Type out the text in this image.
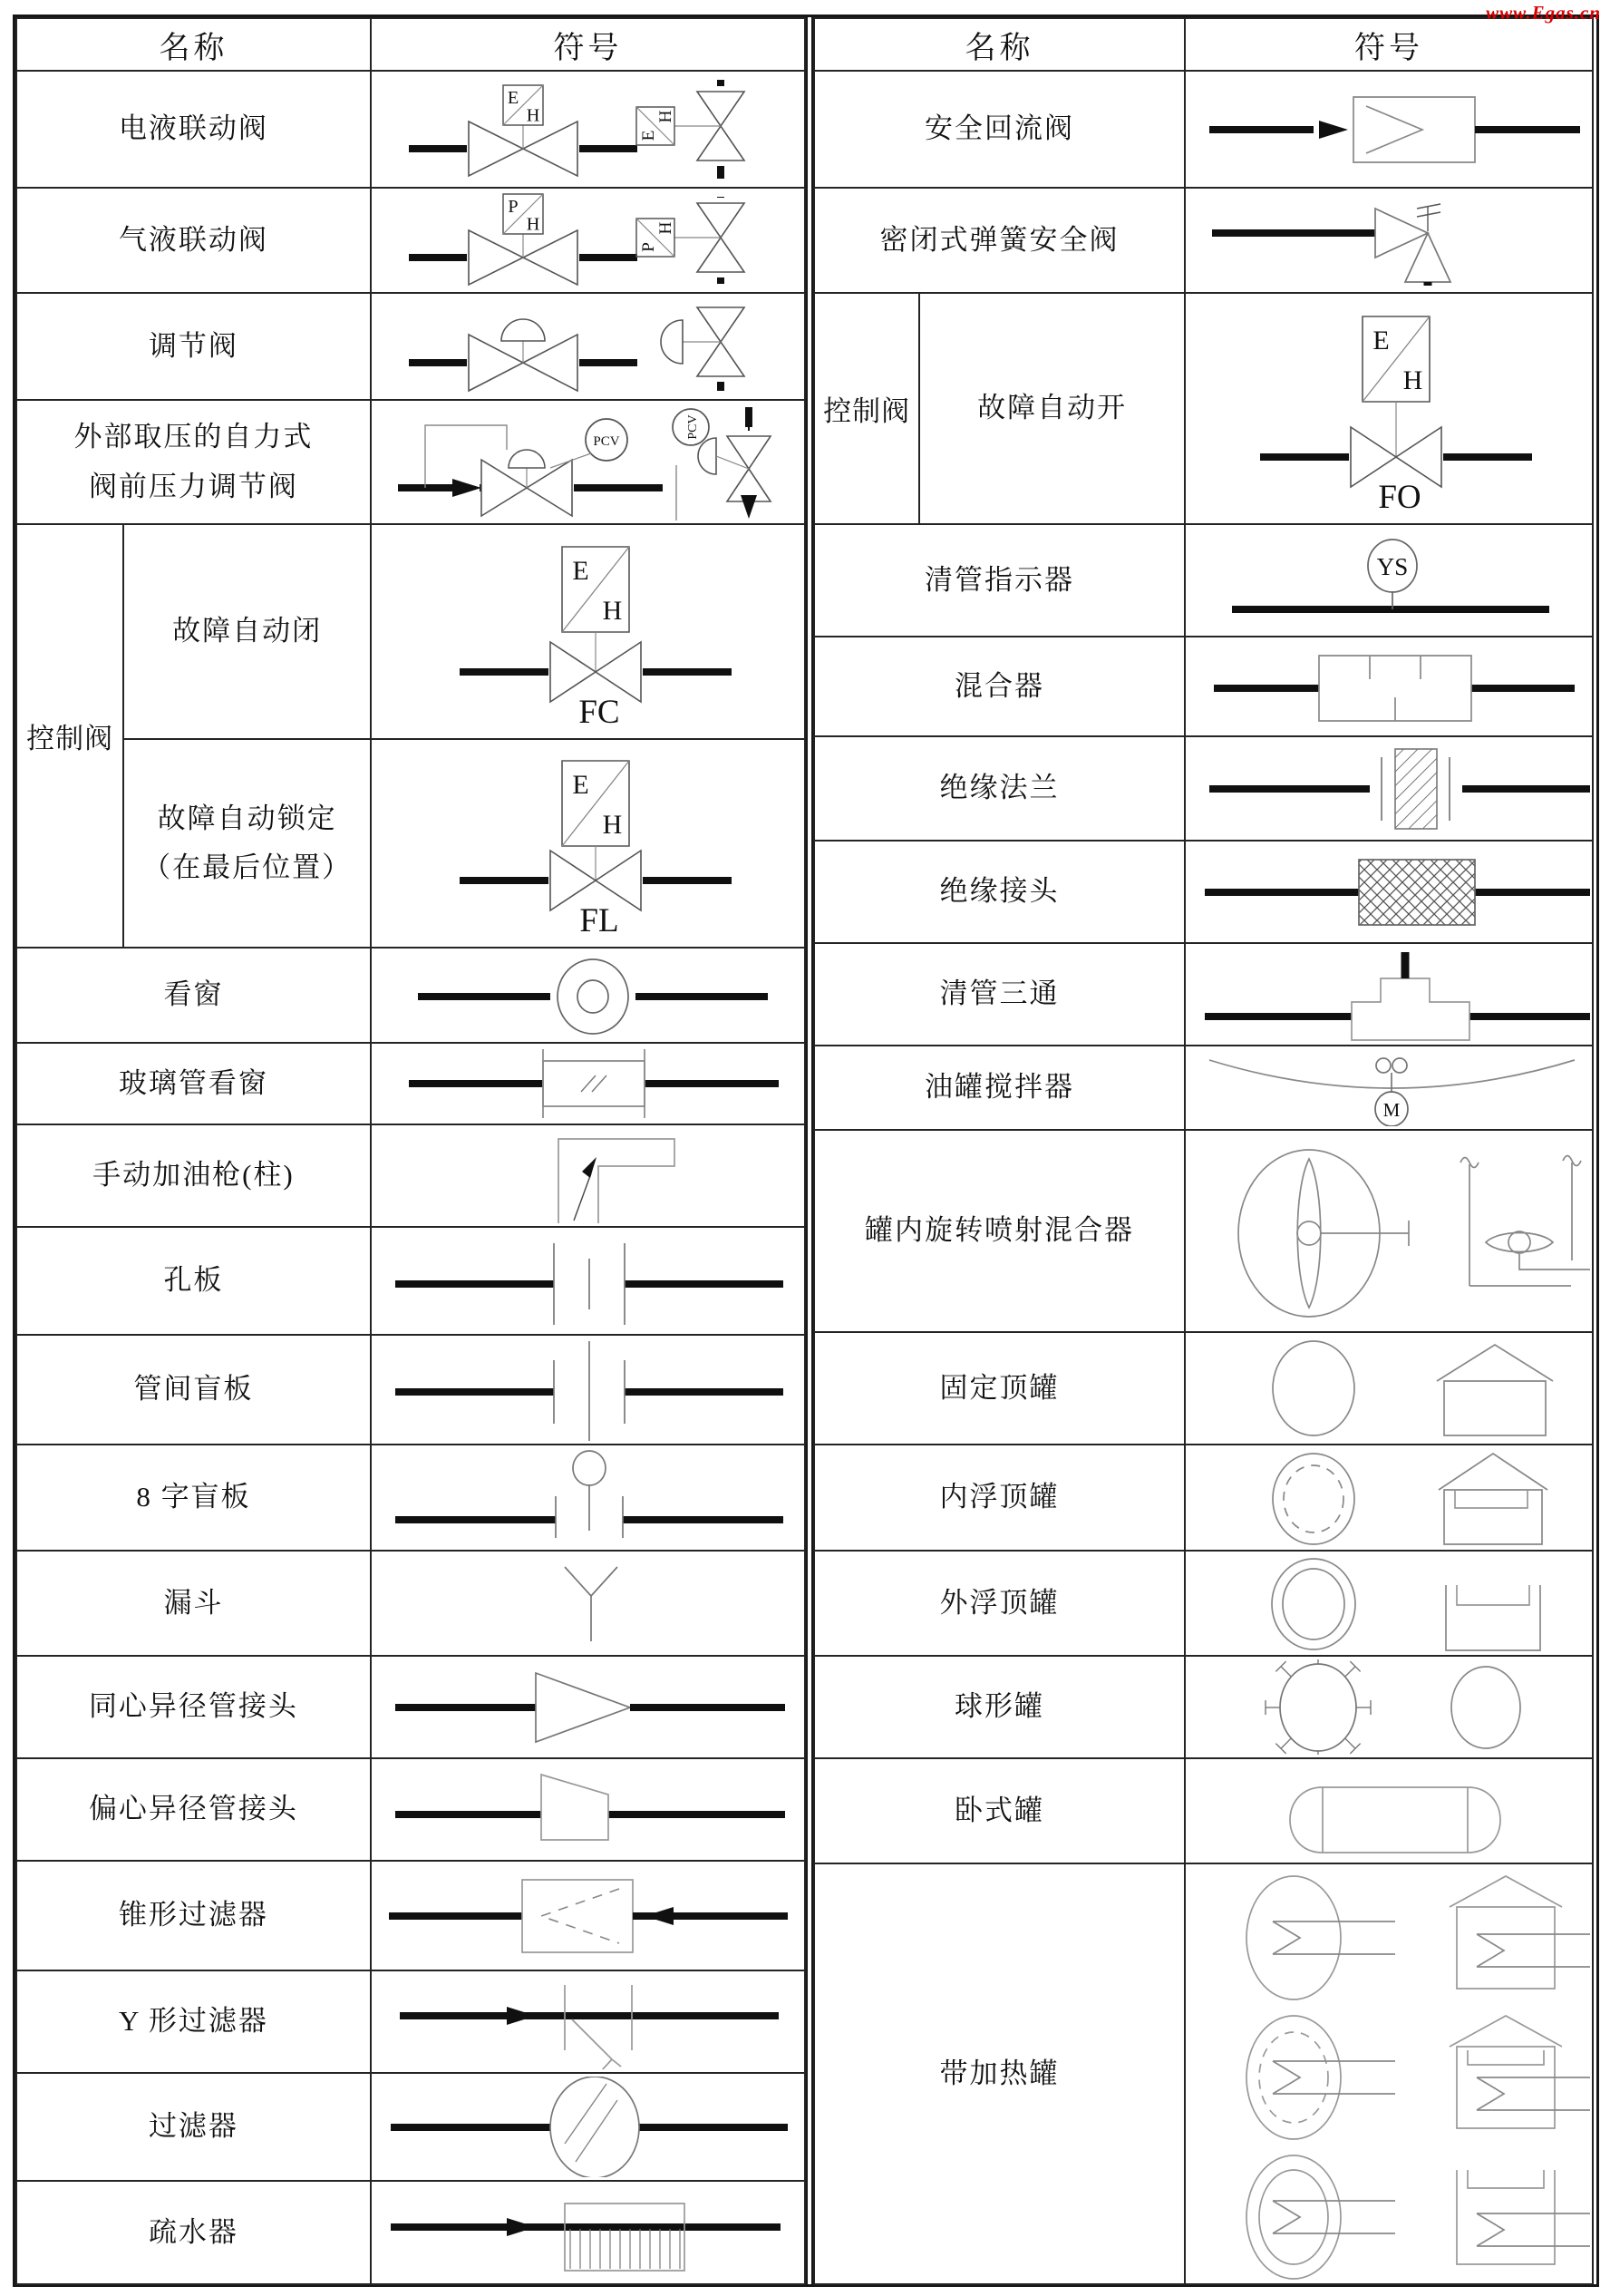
www.Egas.cn
名称		符号

电液联动阀		E
H
E
H

气液联动阀		P
H
P
H

调节阀

外部取压的自力式
阀前压力调节阀

PCV
PCV

控制阀	故障自动闭	E
H
FC

故障自动锁定
（在最后位置）

E
H
FL

看窗

玻璃管看窗

手动加油枪(柱)

孔板

管间盲板

8 字盲板

漏斗

同心异径管接头

偏心异径管接头

锥形过滤器

Y 形过滤器

过滤器

疏水器

名称		符号

安全回流阀

密闭式弹簧安全阀

控制阀	故障自动开	E
H
FO

清管指示器		YS

混合器

绝缘法兰

绝缘接头

清管三通

油罐搅拌器		M

罐内旋转喷射混合器

固定顶罐

内浮顶罐

外浮顶罐

球形罐

卧式罐

带加热罐
